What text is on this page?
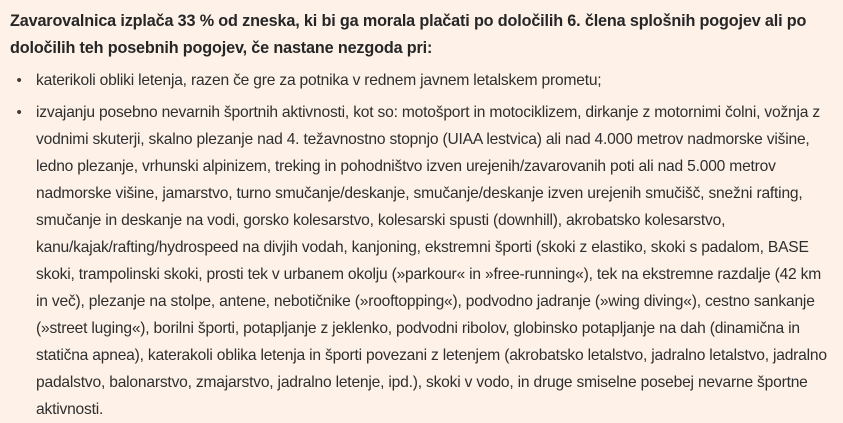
Zavarovalnica izplača 33 % od zneska, ki bi ga morala plačati po določilih 6. člena splošnih pogojev ali po določilih teh posebnih pogojev, če nastane nezgoda pri:

• katerikoli obliki letenja, razen če gre za potnika v rednem javnem letalskem prometu;
• izvajanju posebno nevarnih športnih aktivnosti, kot so: motošport in motociklizem, dirkanje z motornimi čolni, vožnja z vodnimi skuterji, skalno plezanje nad 4. težavnostno stopnjo (UIAA lestvica) ali nad 4.000 metrov nadmorske višine, ledno plezanje, vrhunski alpinizem, treking in pohodništvo izven urejenih/zavarovanih poti ali nad 5.000 metrov nadmorske višine, jamarstvo, turno smučanje/deskanje, smučanje/deskanje izven urejenih smučišč, snežni rafting, smučanje in deskanje na vodi, gorsko kolesarstvo, kolesarski spusti (downhill), akrobatsko kolesarstvo, kanu/kajak/rafting/hydrospeed na divjih vodah, kanjoning, ekstremni športi (skoki z elastiko, skoki s padalom, BASE skoki, trampolinski skoki, prosti tek v urbanem okolju (»parkour« in »free-running«), tek na ekstremne razdalje (42 km in več), plezanje na stolpe, antene, nebotičnike (»rooftopping«), podvodno jadranje (»wing diving«), cestno sankanje (»street luging«), borilni športi, potapljanje z jeklenko, podvodni ribolov, globinsko potapljanje na dah (dinamična in statična apnea), katerakoli oblika letenja in športi povezani z letenjem (akrobatsko letalstvo, jadralno letalstvo, jadralno padalstvo, balonarstvo, zmajarstvo, jadralno letenje, ipd.), skoki v vodo, in druge smiselne posebej nevarne športne aktivnosti.
